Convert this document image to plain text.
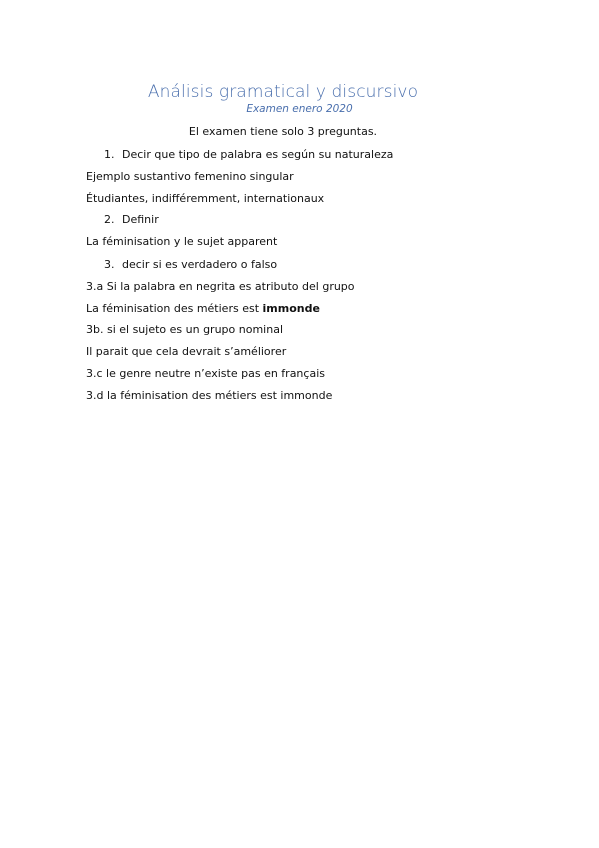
Análisis gramatical y discursivo
Examen enero 2020
El examen tiene solo 3 preguntas.
1. Decir que tipo de palabra es según su naturaleza
Ejemplo sustantivo femenino singular
Étudiantes, indifféremment, internationaux
2. Definir
La féminisation y le sujet apparent
3. decir si es verdadero o falso
3.a Si la palabra en negrita es atributo del grupo
La féminisation des métiers est immonde
3b. si el sujeto es un grupo nominal
Il parait que cela devrait s’améliorer
3.c le genre neutre n’existe pas en français
3.d la féminisation des métiers est immonde
